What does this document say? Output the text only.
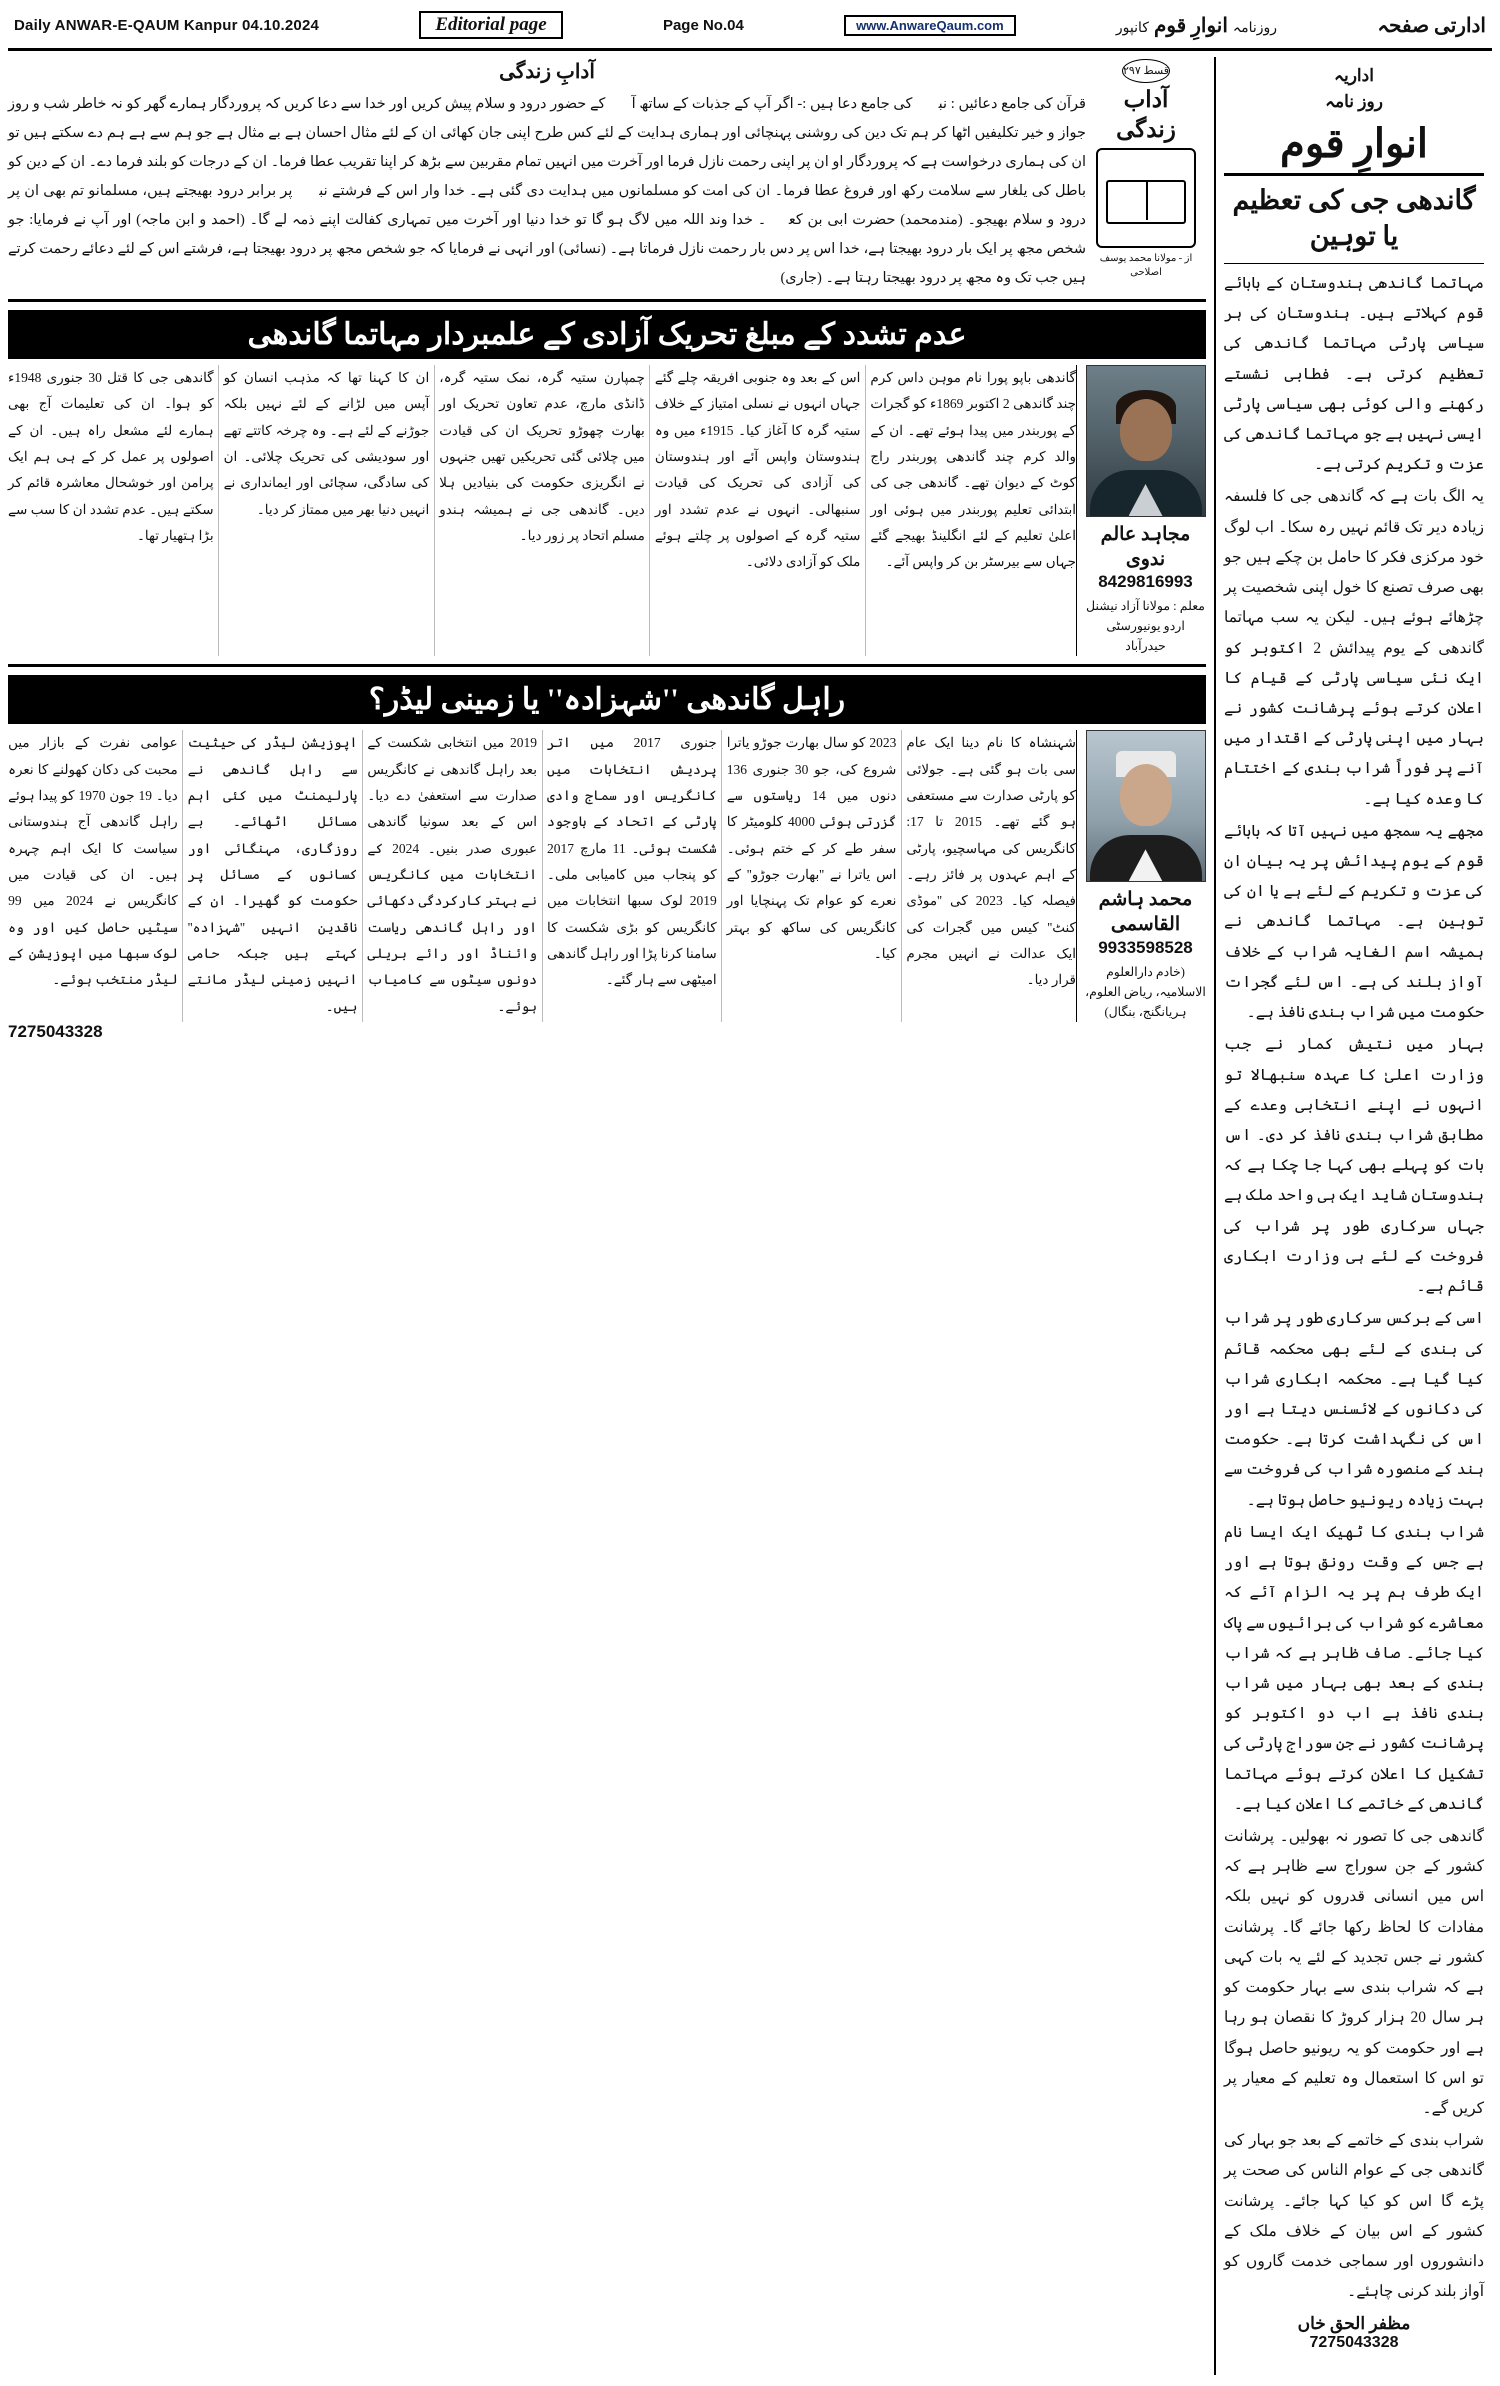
Daily ANWAR-E-QAUM Kanpur 04.10.2024	Editorial page	Page No.04	www.AnwareQaum.com	روزنامہ انوارِ قوم کانپور	ادارتی صفحہ
اداریہ
روز نامہ
انوارِ قوم
گاندھی جی کی تعظیم یا توہین

مہاتما گاندھی ہندوستان کے بابائے قوم کہلاتے ہیں۔ ہندوستان کی ہر سیاسی پارٹی مہاتما گاندھی کی تعظیم کرتی ہے۔ فطابی نشستے رکھنے والی کوئی بھی سیاسی پارٹی ایسی نہیں ہے جو مہاتما گاندھی کی عزت و تکریم کرتی ہے۔

یہ الگ بات ہے کہ گاندھی جی کا فلسفہ زیادہ دیر تک قائم نہیں رہ سکا۔ اب لوگ خود مرکزی فکر کا حامل بن چکے ہیں جو بھی صرف تصنع کا خول اپنی شخصیت پر چڑھائے ہوئے ہیں۔ لیکن یہ سب مہاتما گاندھی کے یوم پیدائش 2 اکتوبر کو ایک نئی سیاسی پارٹی کے قیام کا اعلان کرتے ہوئے پرشانت کشور نے بہار میں اپنی پارٹی کے اقتدار میں آنے پر فوراً شراب بندی کے اختتام کا وعدہ کیا ہے۔

مجھے یہ سمجھ میں نہیں آتا کہ بابائے قوم کے یوم پیدائش پر یہ بیان ان کی عزت و تکریم کے لئے ہے یا ان کی توہین ہے۔ مہاتما گاندھی نے ہمیشہ اسم الغایہ شراب کے خلاف آواز بلند کی ہے۔ اس لئے گجرات حکومت میں شراب بندی نافذ ہے۔

بہار میں نتیش کمار نے جب وزارت اعلیٰ کا عہدہ سنبھالا تو انہوں نے اپنے انتخابی وعدے کے مطابق شراب بندی نافذ کر دی۔ اس بات کو پہلے بھی کہا جا چکا ہے کہ ہندوستان شاید ایک ہی واحد ملک ہے جہاں سرکاری طور پر شراب کی فروخت کے لئے ہی وزارت ابکاری قائم ہے۔

اسی کے برکس سرکاری طور پر شراب کی بندی کے لئے بھی محکمہ قائم کیا گیا ہے۔ محکمہ ابکاری شراب کی دکانوں کے لائسنس دیتا ہے اور اس کی نگہداشت کرتا ہے۔ حکومت ہند کے منصورہ شراب کی فروخت سے بہت زیادہ ریونیو حاصل ہوتا ہے۔

شراب بندی کا ٹھیک ایک ایسا نام ہے جس کے وقت رونق ہوتا ہے اور ایک طرف ہم پر یہ الزام آئے کہ معاشرے کو شراب کی برائیوں سے پاک کیا جائے۔ صاف ظاہر ہے کہ شراب بندی کے بعد بھی بہار میں شراب بندی نافذ ہے اب دو اکتوبر کو پرشانت کشور نے جن سوراج پارٹی کی تشکیل کا اعلان کرتے ہوئے مہاتما گاندھی کے خاتمے کا اعلان کیا ہے۔

گاندھی جی کا تصور نہ بھولیں۔ پرشانت کشور کے جن سوراج سے ظاہر ہے کہ اس میں انسانی قدروں کو نہیں بلکہ مفادات کا لحاظ رکھا جائے گا۔ پرشانت کشور نے جس تجدید کے لئے یہ بات کہی ہے کہ شراب بندی سے بہار حکومت کو ہر سال 20 ہزار کروڑ کا نقصان ہو رہا ہے اور حکومت کو یہ ریونیو حاصل ہوگا تو اس کا استعمال وہ تعلیم کے معیار پر کریں گے۔

شراب بندی کے خاتمے کے بعد جو بہار کی گاندھی جی کے عوام الناس کی صحت پر پڑے گا اس کو کیا کہا جائے۔ پرشانت کشور کے اس بیان کے خلاف ملک کے دانشوروں اور سماجی خدمت گاروں کو آواز بلند کرنی چاہئے۔

مظفر الحق خاں
7275043328
قسط ۲۹۷
آداب
زندگی
از - مولانا محمد یوسف اصلاحی
آدابِ زندگی
قرآن کی جامع دعائیں : نبیؐ کی جامع دعا ہیں :- اگر آپ کے جذبات کے ساتھ آپؐ کے حضور درود و سلام پیش کریں اور خدا سے دعا کریں کہ پروردگار ہمارے گھر کو نہ خاطر شب و روز جواز و خیر تکلیفیں اٹھا کر ہم تک دین کی روشنی پہنچائی اور ہماری ہدایت کے لئے کس طرح اپنی جان کھائی ان کے لئے مثال احسان ہے بے مثال ہے جو ہم سے ہے ہم دے سکتے ہیں تو ان کی ہماری درخواست ہے کہ پروردگار او ان پر اپنی رحمت نازل فرما اور آخرت میں انہیں تمام مقربین سے بڑھ کر اپنا تقریب عطا فرما۔ ان کے درجات کو بلند فرما دے۔ ان کے دین کو باطل کی یلغار سے سلامت رکھ اور فروغ عطا فرما۔ ان کی امت کو مسلمانوں میں ہدایت دی گئی ہے۔ خدا وار اس کے فرشتے نبیؐ پر برابر درود بھیجتے ہیں، مسلمانو تم بھی ان پر درود و سلام بھیجو۔ (مندمحمد) حضرت ابی بن کعبؓ۔ خدا وند اللہ میں لاگ ہو گا تو خدا دنیا اور آخرت میں تمہاری کفالت اپنے ذمہ لے گا۔ (احمد و ابن ماجہ) اور آپ نے فرمایا: جو شخص مجھ پر ایک بار درود بھیجتا ہے، خدا اس پر دس بار رحمت نازل فرماتا ہے۔ (نسائی) اور انہی نے فرمایا کہ جو شخص مجھ پر درود بھیجتا ہے، فرشتے اس کے لئے دعائے رحمت کرتے ہیں جب تک وہ مجھ پر درود بھیجتا رہتا ہے۔ (جاری)
عدم تشدد کے مبلغ تحریک آزادی کے علمبردار مہاتما گاندھی
مجاہد عالم ندوی
8429816993
معلم : مولانا آزاد نیشنل اردو یونیورسٹی حیدرآباد

گاندھی باپو پورا نام موہن داس کرم چند گاندھی 2 اکتوبر 1869ء کو گجرات کے پوربندر میں پیدا ہوئے تھے۔ ان کے والد کرم چند گاندھی پوربندر راج کوٹ کے دیوان تھے۔ گاندھی جی کی ابتدائی تعلیم پوربندر میں ہوئی اور اعلیٰ تعلیم کے لئے انگلینڈ بھیجے گئے جہاں سے بیرسٹر بن کر واپس آئے۔

اس کے بعد وہ جنوبی افریقہ چلے گئے جہاں انہوں نے نسلی امتیاز کے خلاف ستیہ گرہ کا آغاز کیا۔ 1915ء میں وہ ہندوستان واپس آئے اور ہندوستان کی آزادی کی تحریک کی قیادت سنبھالی۔ انہوں نے عدم تشدد اور ستیہ گرہ کے اصولوں پر چلتے ہوئے ملک کو آزادی دلائی۔

چمپارن ستیہ گرہ، نمک ستیہ گرہ، ڈانڈی مارچ، عدم تعاون تحریک اور بھارت چھوڑو تحریک ان کی قیادت میں چلائی گئی تحریکیں تھیں جنہوں نے انگریزی حکومت کی بنیادیں ہلا دیں۔ گاندھی جی نے ہمیشہ ہندو مسلم اتحاد پر زور دیا۔

ان کا کہنا تھا کہ مذہب انسان کو آپس میں لڑانے کے لئے نہیں بلکہ جوڑنے کے لئے ہے۔ وہ چرخہ کاتتے تھے اور سودیشی کی تحریک چلائی۔ ان کی سادگی، سچائی اور ایمانداری نے انہیں دنیا بھر میں ممتاز کر دیا۔

گاندھی جی کا قتل 30 جنوری 1948ء کو ہوا۔ ان کی تعلیمات آج بھی ہمارے لئے مشعل راہ ہیں۔ ان کے اصولوں پر عمل کر کے ہی ہم ایک پرامن اور خوشحال معاشرہ قائم کر سکتے ہیں۔ عدم تشدد ان کا سب سے بڑا ہتھیار تھا۔

راہل گاندھی ''شہزادہ'' یا زمینی لیڈر؟
محمد ہاشم القاسمی
9933598528
(خادم دارالعلوم الاسلامیہ، ریاض العلوم، ہریانگنج، بنگال)

شہنشاہ کا نام دینا ایک عام سی بات ہو گئی ہے۔ جولائی کو پارٹی صدارت سے مستعفی ہو گئے تھے۔ 2015 تا 17: کانگریس کی مہاسچیو، پارٹی کے اہم عہدوں پر فائز رہے۔ فیصلہ کیا۔ 2023 کی ''موڈی کنٹ'' کیس میں گجرات کی ایک عدالت نے انہیں مجرم قرار دیا۔

2023 کو سال بھارت جوڑو یاترا شروع کی، جو 30 جنوری 136 دنوں میں 14 ریاستوں سے گزرتی ہوئی 4000 کلومیٹر کا سفر طے کر کے ختم ہوئی۔ اس یاترا نے ''بھارت جوڑو'' کے نعرے کو عوام تک پہنچایا اور کانگریس کی ساکھ کو بہتر کیا۔

جنوری 2017 میں اتر پردیش انتخابات میں کانگریس اور سماج وادی پارٹی کے اتحاد کے باوجود شکست ہوئی۔ 11 مارچ 2017 کو پنجاب میں کامیابی ملی۔ 2019 لوک سبھا انتخابات میں کانگریس کو بڑی شکست کا سامنا کرنا پڑا اور راہل گاندھی امیٹھی سے ہار گئے۔

2019 میں انتخابی شکست کے بعد راہل گاندھی نے کانگریس صدارت سے استعفیٰ دے دیا۔ اس کے بعد سونیا گاندھی عبوری صدر بنیں۔ 2024 کے انتخابات میں کانگریس نے بہتر کارکردگی دکھائی اور راہل گاندھی ریاست وائناڈ اور رائے بریلی دونوں سیٹوں سے کامیاب ہوئے۔

اپوزیشن لیڈر کی حیثیت سے راہل گاندھی نے پارلیمنٹ میں کئی اہم مسائل اٹھائے۔ بے روزگاری، مہنگائی اور کسانوں کے مسائل پر حکومت کو گھیرا۔ ان کے ناقدین انہیں ''شہزادہ'' کہتے ہیں جبکہ حامی انہیں زمینی لیڈر مانتے ہیں۔

عوامی نفرت کے بازار میں محبت کی دکان کھولنے کا نعرہ دیا۔ 19 جون 1970 کو پیدا ہوئے راہل گاندھی آج ہندوستانی سیاست کا ایک اہم چہرہ ہیں۔ ان کی قیادت میں کانگریس نے 2024 میں 99 سیٹیں حاصل کیں اور وہ لوک سبھا میں اپوزیشن کے لیڈر منتخب ہوئے۔

7275043328
